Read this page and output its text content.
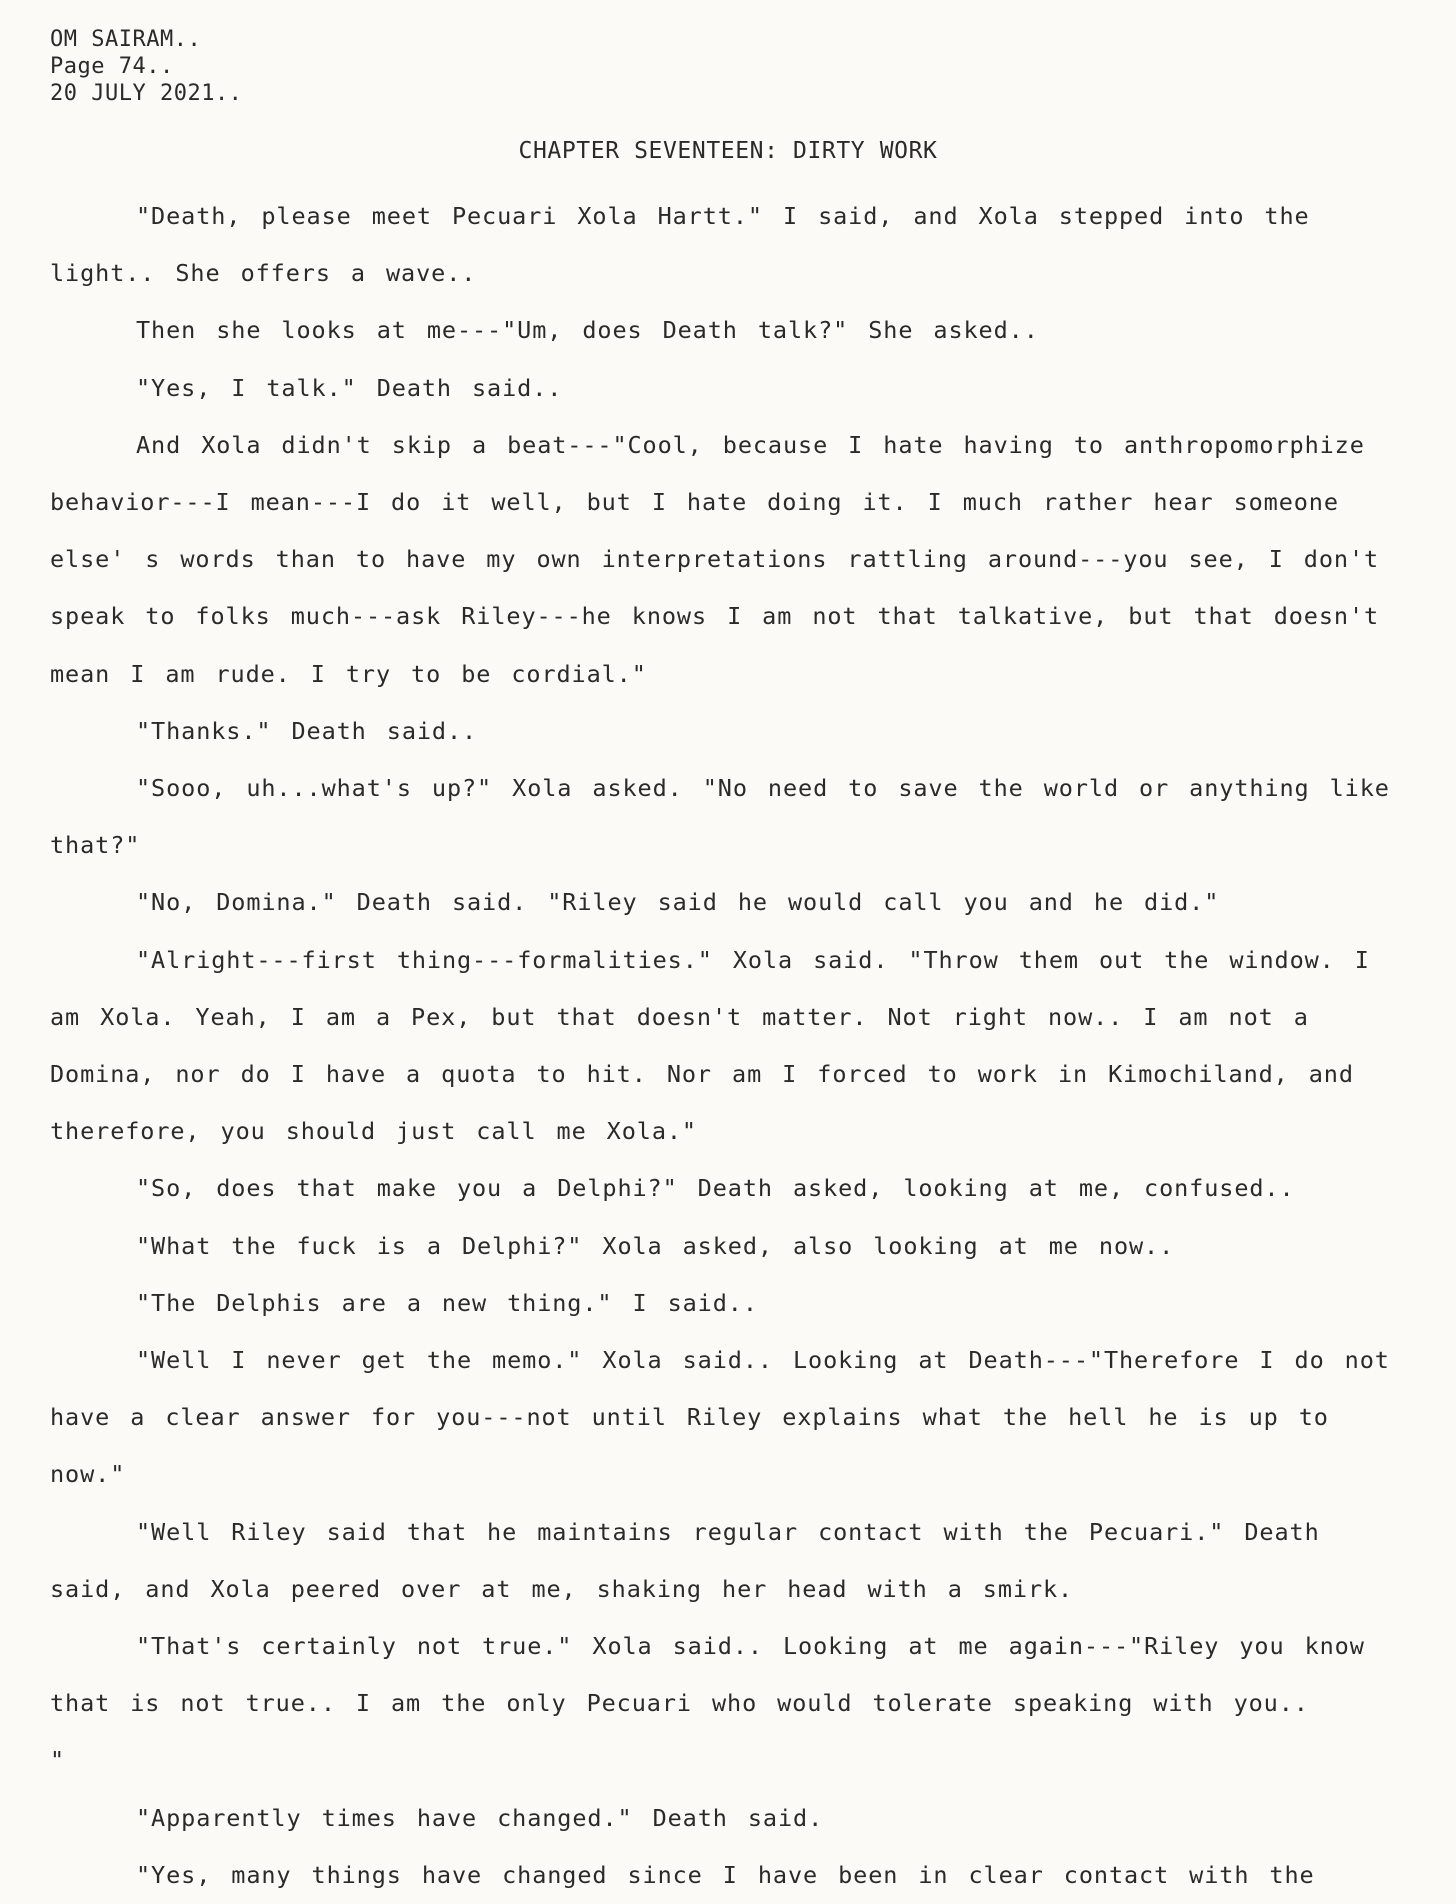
OM SAIRAM..
Page 74..
20 JULY 2021..
CHAPTER SEVENTEEN: DIRTY WORK

"Death, please meet Pecuari Xola Hartt." I said, and Xola stepped into the light.. She offers a wave..

Then she looks at me---"Um, does Death talk?" She asked..

"Yes, I talk." Death said..

And Xola didn't skip a beat---"Cool, because I hate having to anthropomorphize behavior---I mean---I do it well, but I hate doing it. I much rather hear someone else' s words than to have my own interpretations rattling around---you see, I don't speak to folks much---ask Riley---he knows I am not that talkative, but that doesn't mean I am rude. I try to be cordial."

"Thanks." Death said..

"Sooo, uh...what's up?" Xola asked. "No need to save the world or anything like that?"

"No, Domina." Death said. "Riley said he would call you and he did."

"Alright---first thing---formalities." Xola said. "Throw them out the window. I am Xola. Yeah, I am a Pex, but that doesn't matter. Not right now.. I am not a Domina, nor do I have a quota to hit. Nor am I forced to work in Kimochiland, and therefore, you should just call me Xola."

"So, does that make you a Delphi?" Death asked, looking at me, confused..

"What the fuck is a Delphi?" Xola asked, also looking at me now..

"The Delphis are a new thing." I said..

"Well I never get the memo." Xola said.. Looking at Death---"Therefore I do not have a clear answer for you---not until Riley explains what the hell he is up to now."

"Well Riley said that he maintains regular contact with the Pecuari." Death said, and Xola peered over at me, shaking her head with a smirk.

"That's certainly not true." Xola said.. Looking at me again---"Riley you know that is not true.. I am the only Pecuari who would tolerate speaking with you..

"

"Apparently times have changed." Death said.

"Yes, many things have changed since I have been in clear contact with the
